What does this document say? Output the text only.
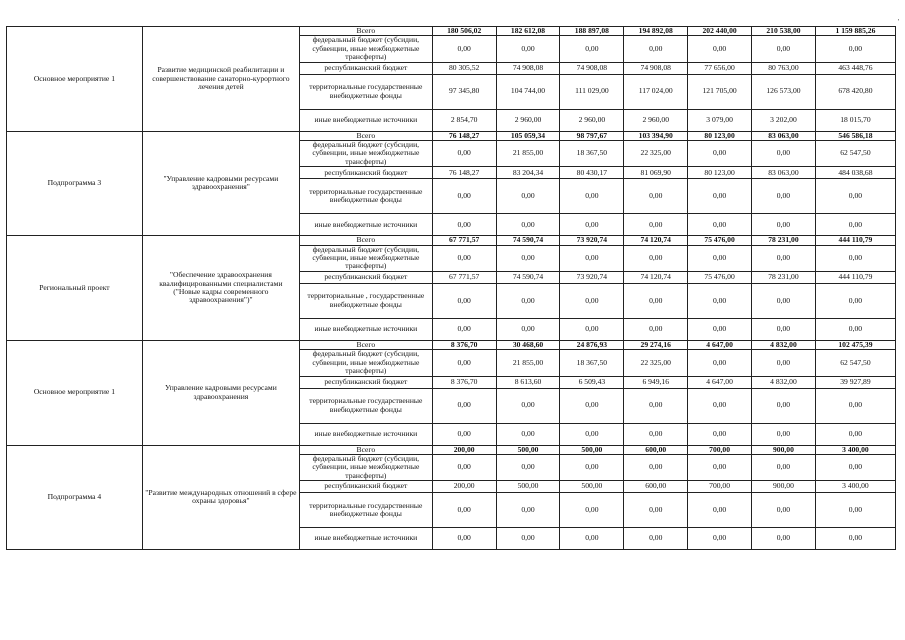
'
Основное мероприятие 1	Развитие медицинской реабилитации и совершенствование санаторно-курортного лечения детей	Всего	180 506,02	182 612,08	188 897,08	194 892,08	202 440,00	210 538,00	1 159 885,26
		федеральный бюджет (субсидии, субвенции, иные межбюджетные трансферты)	0,00	0,00	0,00	0,00	0,00	0,00	0,00
		республиканский бюджет	80 305,52	74 908,08	74 908,08	74 908,08	77 656,00	80 763,00	463 448,76
		территориальные государственные внебюджетные фонды	97 345,80	104 744,00	111 029,00	117 024,00	121 705,00	126 573,00	678 420,80
		иные внебюджетные источники	2 854,70	2 960,00	2 960,00	2 960,00	3 079,00	3 202,00	18 015,70
Подпрограмма 3	"Управление кадровыми ресурсами здравоохранения"	Всего	76 148,27	105 059,34	98 797,67	103 394,90	80 123,00	83 063,00	546 586,18
		федеральный бюджет (субсидии, субвенции, иные межбюджетные трансферты)	0,00	21 855,00	18 367,50	22 325,00	0,00	0,00	62 547,50
		республиканский бюджет	76 148,27	83 204,34	80 430,17	81 069,90	80 123,00	83 063,00	484 038,68
		территориальные государственные внебюджетные фонды	0,00	0,00	0,00	0,00	0,00	0,00	0,00
		иные внебюджетные источники	0,00	0,00	0,00	0,00	0,00	0,00	0,00
Региональный проект	"Обеспечение здравоохранения квалифицированными специалистами ("Новые кадры современного здравоохранения")"	Всего	67 771,57	74 590,74	73 920,74	74 120,74	75 476,00	78 231,00	444 110,79
		федеральный бюджет (субсидии, субвенции, иные межбюджетные трансферты)	0,00	0,00	0,00	0,00	0,00	0,00	0,00
		республиканский бюджет	67 771,57	74 590,74	73 920,74	74 120,74	75 476,00	78 231,00	444 110,79
		территориальные , государственные внебюджетные фонды	0,00	0,00	0,00	0,00	0,00	0,00	0,00
		иные внебюджетные источники	0,00	0,00	0,00	0,00	0,00	0,00	0,00
Основное мероприятие 1	Управление кадровыми ресурсами здравоохранения	Всего	8 376,70	30 468,60	24 876,93	29 274,16	4 647,00	4 832,00	102 475,39
		федеральный бюджет (субсидии, субвенции, иные межбюджетные трансферты)	0,00	21 855,00	18 367,50	22 325,00	0,00	0,00	62 547,50
		республиканский бюджет	8 376,70	8 613,60	6 509,43	6 949,16	4 647,00	4 832,00	39 927,89
		территориальные государственные внебюджетные фонды	0,00	0,00	0,00	0,00	0,00	0,00	0,00
		иные внебюджетные источники	0,00	0,00	0,00	0,00	0,00	0,00	0,00
Подпрограмма 4	"Развитие международных отношений в сфере охраны здоровья"	Всего	200,00	500,00	500,00	600,00	700,00	900,00	3 400,00
		федеральный бюджет (субсидии, субвенции, иные межбюджетные трансферты)	0,00	0,00	0,00	0,00	0,00	0,00	0,00
		республиканский бюджет	200,00	500,00	500,00	600,00	700,00	900,00	3 400,00
		территориальные государственные внебюджетные фонды	0,00	0,00	0,00	0,00	0,00	0,00	0,00
		иные внебюджетные источники	0,00	0,00	0,00	0,00	0,00	0,00	0,00
